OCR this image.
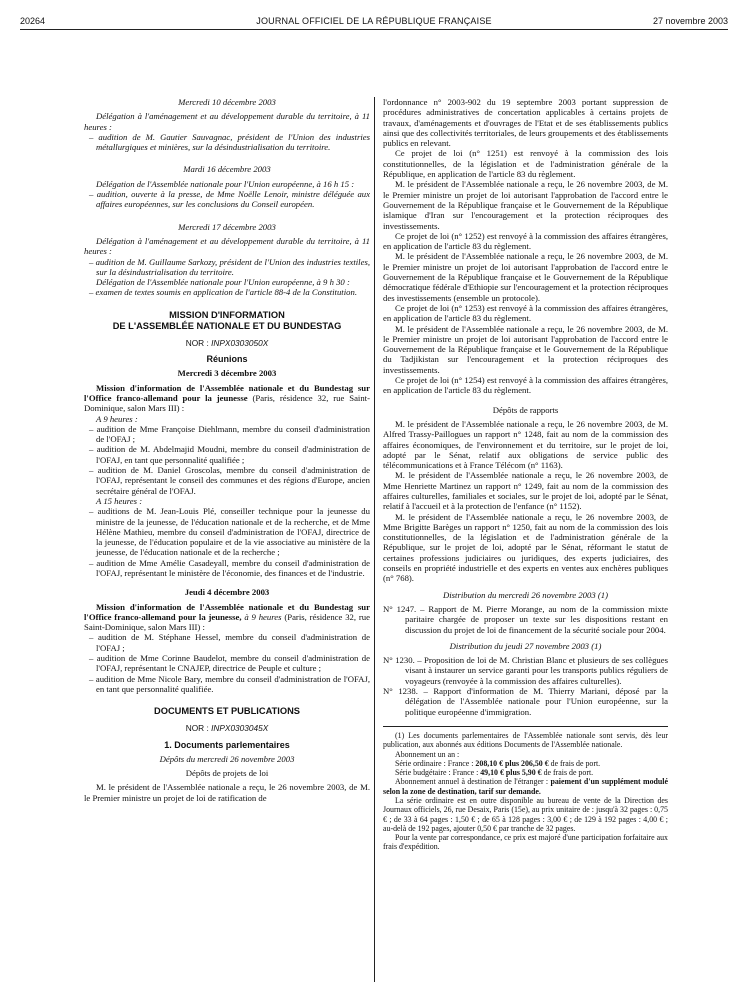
20264	JOURNAL OFFICIEL DE LA RÉPUBLIQUE FRANÇAISE	27 novembre 2003
Mercredi 10 décembre 2003
Délégation à l'aménagement et au développement durable du territoire, à 11 heures :
– audition de M. Gautier Sauvagnac, président de l'Union des industries métallurgiques et minières, sur la désindustrialisation du territoire.
Mardi 16 décembre 2003
Délégation de l'Assemblée nationale pour l'Union européenne, à 16 h 15 :
– audition, ouverte à la presse, de Mme Noëlle Lenoir, ministre déléguée aux affaires européennes, sur les conclusions du Conseil européen.
Mercredi 17 décembre 2003
Délégation à l'aménagement et au développement durable du territoire, à 11 heures :
– audition de M. Guillaume Sarkozy, président de l'Union des industries textiles, sur la désindustrialisation du territoire.
Délégation de l'Assemblée nationale pour l'Union européenne, à 9 h 30 :
– examen de textes soumis en application de l'article 88-4 de la Constitution.
MISSION D'INFORMATION
DE L'ASSEMBLÉE NATIONALE ET DU BUNDESTAG
NOR : INPX0303050X
Réunions
Mercredi 3 décembre 2003
Mission d'information de l'Assemblée nationale et du Bundestag sur l'Office franco-allemand pour la jeunesse (Paris, résidence 32, rue Saint-Dominique, salon Mars III) :
A 9 heures :
– audition de Mme Françoise Diehlmann, membre du conseil d'administration de l'OFAJ ;
– audition de M. Abdelmajid Moudni, membre du conseil d'administration de l'OFAJ, en tant que personnalité qualifiée ;
– audition de M. Daniel Groscolas, membre du conseil d'administration de l'OFAJ, représentant le conseil des communes et des régions d'Europe, ancien secrétaire général de l'OFAJ.
A 15 heures :
– auditions de M. Jean-Louis Plé, conseiller technique pour la jeunesse du ministre de la jeunesse, de l'éducation nationale et de la recherche, et de Mme Hélène Mathieu, membre du conseil d'administration de l'OFAJ, directrice de la jeunesse, de l'éducation populaire et de la vie associative au ministère de la jeunesse, de l'éducation nationale et de la recherche ;
– audition de Mme Amélie Casadeyall, membre du conseil d'administration de l'OFAJ, représentant le ministère de l'économie, des finances et de l'industrie.
Jeudi 4 décembre 2003
Mission d'information de l'Assemblée nationale et du Bundestag sur l'Office franco-allemand pour la jeunesse, à 9 heures (Paris, résidence 32, rue Saint-Dominique, salon Mars III) :
– audition de M. Stéphane Hessel, membre du conseil d'administration de l'OFAJ ;
– audition de Mme Corinne Baudelot, membre du conseil d'administration de l'OFAJ, représentant le CNAJEP, directrice de Peuple et culture ;
– audition de Mme Nicole Bary, membre du conseil d'administration de l'OFAJ, en tant que personnalité qualifiée.
DOCUMENTS ET PUBLICATIONS
NOR : INPX0303045X
1. Documents parlementaires
Dépôts du mercredi 26 novembre 2003
Dépôts de projets de loi
M. le président de l'Assemblée nationale a reçu, le 26 novembre 2003, de M. le Premier ministre un projet de loi de ratification de
l'ordonnance n° 2003-902 du 19 septembre 2003 portant suppression de procédures administratives de concertation applicables à certains projets de travaux, d'aménagements et d'ouvrages de l'Etat et de ses établissements publics ainsi que des collectivités territoriales, de leurs groupements et des établissements publics en relevant.
Ce projet de loi (n° 1251) est renvoyé à la commission des lois constitutionnelles, de la législation et de l'administration générale de la République, en application de l'article 83 du règlement.
M. le président de l'Assemblée nationale a reçu, le 26 novembre 2003, de M. le Premier ministre un projet de loi autorisant l'approbation de l'accord entre le Gouvernement de la République française et le Gouvernement de la République islamique d'Iran sur l'encouragement et la protection réciproques des investissements.
Ce projet de loi (n° 1252) est renvoyé à la commission des affaires étrangères, en application de l'article 83 du règlement.
M. le président de l'Assemblée nationale a reçu, le 26 novembre 2003, de M. le Premier ministre un projet de loi autorisant l'approbation de l'accord entre le Gouvernement de la République française et le Gouvernement de la République démocratique fédérale d'Ethiopie sur l'encouragement et la protection réciproques des investissements (ensemble un protocole).
Ce projet de loi (n° 1253) est renvoyé à la commission des affaires étrangères, en application de l'article 83 du règlement.
M. le président de l'Assemblée nationale a reçu, le 26 novembre 2003, de M. le Premier ministre un projet de loi autorisant l'approbation de l'accord entre le Gouvernement de la République française et le Gouvernement de la République du Tadjikistan sur l'encouragement et la protection réciproques des investissements.
Ce projet de loi (n° 1254) est renvoyé à la commission des affaires étrangères, en application de l'article 83 du règlement.
Dépôts de rapports
M. le président de l'Assemblée nationale a reçu, le 26 novembre 2003, de M. Alfred Trassy-Paillogues un rapport n° 1248, fait au nom de la commission des affaires économiques, de l'environnement et du territoire, sur le projet de loi, adopté par le Sénat, relatif aux obligations de service public des télécommunications et à France Télécom (n° 1163).
M. le président de l'Assemblée nationale a reçu, le 26 novembre 2003, de Mme Henriette Martinez un rapport n° 1249, fait au nom de la commission des affaires culturelles, familiales et sociales, sur le projet de loi, adopté par le Sénat, relatif à l'accueil et à la protection de l'enfance (n° 1152).
M. le président de l'Assemblée nationale a reçu, le 26 novembre 2003, de Mme Brigitte Barèges un rapport n° 1250, fait au nom de la commission des lois constitutionnelles, de la législation et de l'administration générale de la République, sur le projet de loi, adopté par le Sénat, réformant le statut de certaines professions judiciaires ou juridiques, des experts judiciaires, des conseils en propriété industrielle et des experts en ventes aux enchères publiques (n° 768).
Distribution du mercredi 26 novembre 2003 (1)
N° 1247. – Rapport de M. Pierre Morange, au nom de la commission mixte paritaire chargée de proposer un texte sur les dispositions restant en discussion du projet de loi de financement de la sécurité sociale pour 2004.
Distribution du jeudi 27 novembre 2003 (1)
N° 1230. – Proposition de loi de M. Christian Blanc et plusieurs de ses collègues visant à instaurer un service garanti pour les transports publics réguliers de voyageurs (renvoyée à la commission des affaires culturelles).
N° 1238. – Rapport d'information de M. Thierry Mariani, déposé par la délégation de l'Assemblée nationale pour l'Union européenne, sur la politique européenne d'immigration.
(1) Les documents parlementaires de l'Assemblée nationale sont servis, dès leur publication, aux abonnés aux éditions Documents de l'Assemblée nationale.
Abonnement un an :
Série ordinaire : France : 208,10 € plus 206,50 € de frais de port.
Série budgétaire : France : 49,10 € plus 5,90 € de frais de port.
Abonnement annuel à destination de l'étranger : paiement d'un supplément modulé selon la zone de destination, tarif sur demande.
La série ordinaire est en outre disponible au bureau de vente de la Direction des Journaux officiels, 26, rue Desaix, Paris (15e), au prix unitaire de : jusqu'à 32 pages : 0,75 € ; de 33 à 64 pages : 1,50 € ; de 65 à 128 pages : 3,00 € ; de 129 à 192 pages : 4,00 € ; au-delà de 192 pages, ajouter 0,50 € par tranche de 32 pages.
Pour la vente par correspondance, ce prix est majoré d'une participation forfaitaire aux frais d'expédition.
